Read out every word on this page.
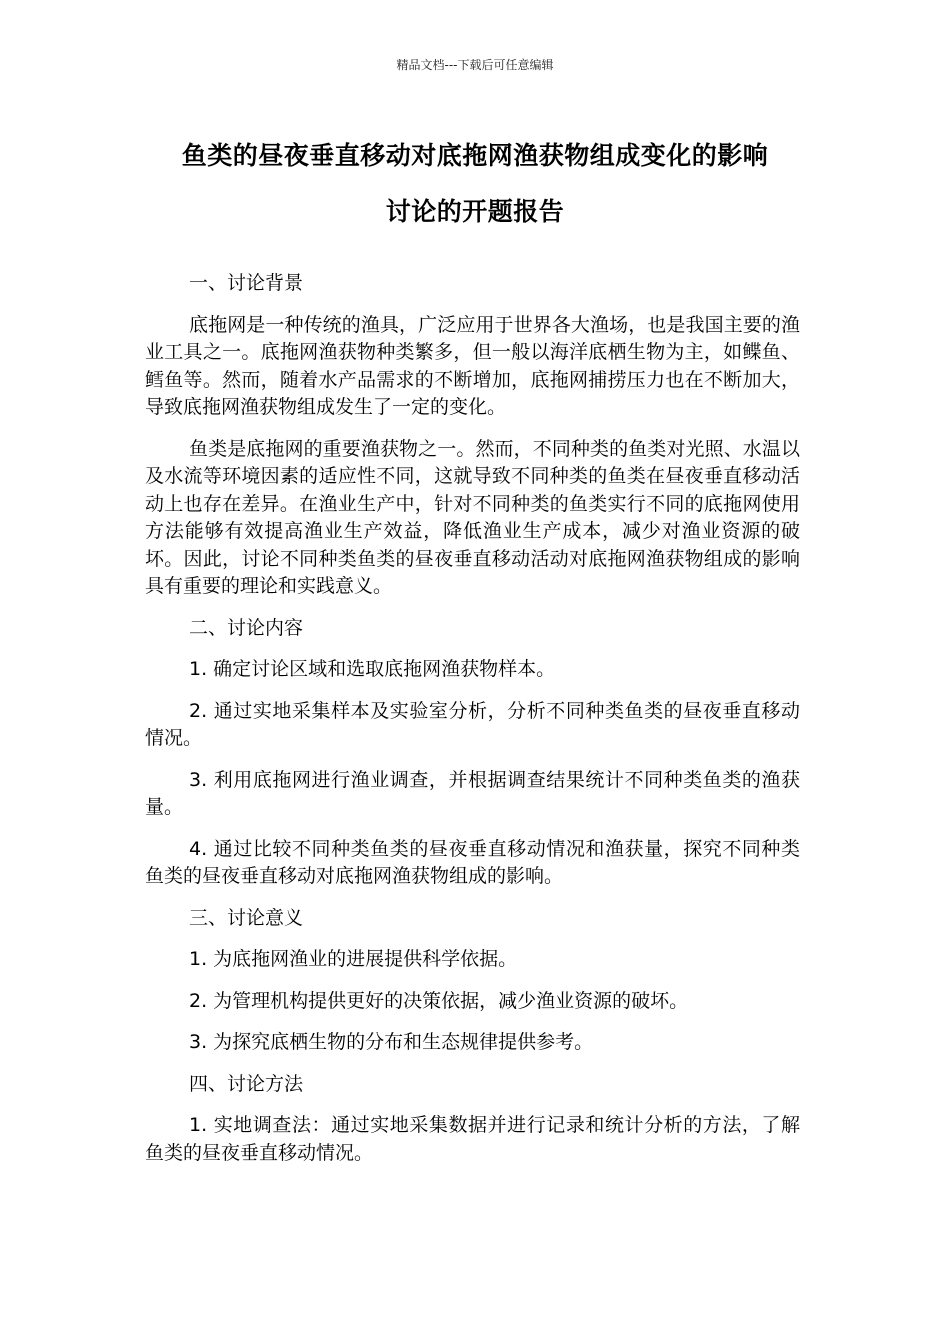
精品文档---下载后可任意编辑
鱼类的昼夜垂直移动对底拖网渔获物组成变化的影响
讨论的开题报告

一、讨论背景

底拖网是一种传统的渔具，广泛应用于世界各大渔场，也是我国主要的渔业工具之一。底拖网渔获物种类繁多，但一般以海洋底栖生物为主，如鲽鱼、鳕鱼等。然而，随着水产品需求的不断增加，底拖网捕捞压力也在不断加大，导致底拖网渔获物组成发生了一定的变化。

鱼类是底拖网的重要渔获物之一。然而，不同种类的鱼类对光照、水温以及水流等环境因素的适应性不同，这就导致不同种类的鱼类在昼夜垂直移动活动上也存在差异。在渔业生产中，针对不同种类的鱼类实行不同的底拖网使用方法能够有效提高渔业生产效益，降低渔业生产成本，减少对渔业资源的破坏。因此，讨论不同种类鱼类的昼夜垂直移动活动对底拖网渔获物组成的影响具有重要的理论和实践意义。

二、讨论内容

1. 确定讨论区域和选取底拖网渔获物样本。

2. 通过实地采集样本及实验室分析，分析不同种类鱼类的昼夜垂直移动情况。

3. 利用底拖网进行渔业调查，并根据调查结果统计不同种类鱼类的渔获量。

4. 通过比较不同种类鱼类的昼夜垂直移动情况和渔获量，探究不同种类鱼类的昼夜垂直移动对底拖网渔获物组成的影响。

三、讨论意义

1. 为底拖网渔业的进展提供科学依据。

2. 为管理机构提供更好的决策依据，减少渔业资源的破坏。

3. 为探究底栖生物的分布和生态规律提供参考。

四、讨论方法

1. 实地调查法：通过实地采集数据并进行记录和统计分析的方法，了解鱼类的昼夜垂直移动情况。
